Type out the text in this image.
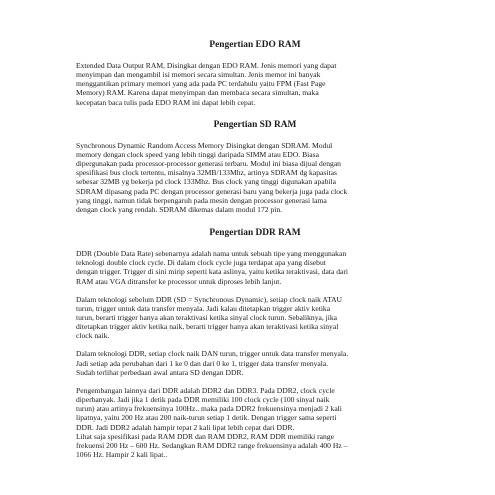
Pengertian EDO RAM

Extended Data Output RAM, Disingkat dengan EDO RAM. Jenis memori yang dapat
menyimpan dan mengambil isi memori secara simultan. Jenis memor ini banyak
menggantikan primary memori yang ada pada PC terdahulu yaitu FPM (Fast Page
Memory) RAM. Karena dapat menyimpan dan membaca secara simultan, maka
kecepatan baca tulis pada EDO RAM ini dapat lebih cepat.

Pengertian SD RAM

Synchronous Dynamic Random Access Memory Disingkat dengan SDRAM. Modul
memory dengan clock speed yang lebih tinggi daripada SIMM atau EDO. Biasa
dipergunakan pada processor-processor generasi terbaru. Modul ini biasa dijual dengan
spesifikasi bus clock tertentu, misalnya 32MB/133Mhz, artinya SDRAM dg kapasitas
sebesar 32MB yg bekerja pd clock 133Mhz. Bus clock yang tinggi digunakan apabila
SDRAM dipasang pada PC dengan processor generasi baru yang bekerja juga pada clock
yang tinggi, namun tidak berpengaruh pada mesin dengan processor generasi lama
dengan clock yang rendah. SDRAM dikemas dalam modul 172 pin.

Pengertian DDR RAM

DDR (Double Data Rate) sebenarnya adalah nama untuk sebuah tipe yang menggunakan
teknologi double clock cycle. Di dalam clock cycle juga terdapat apa yang disebut
dengan trigger. Trigger di sini mirip seperti kata aslinya, yaitu ketika teraktivasi, data dari
RAM atau VGA ditransfer ke processor untuk diproses lebih lanjut.

Dalam teknologi sebelum DDR (SD = Synchronous Dynamic), setiap clock naik ATAU
turun, trigger untuk data transfer menyala. Jadi kalau ditetapkan trigger aktiv ketika
turun, berarti trigger hanya akan teraktivasi ketika sinyal clock turun. Sebaliknya, jika
ditetapkan trigger aktiv ketika naik, berarti trigger hanya akan teraktivasi ketika sinyal
clock naik.

Dalam teknologi DDR, setiap clock naik DAN turun, trigger untuk data transfer menyala.
Jadi setiap ada perubahan dari 1 ke 0 dan dari 0 ke 1, trigger data transfer menyala.
Sudah terlihat perbedaan awal antara SD dengan DDR.

Pengembangan lainnya dari DDR adalah DDR2 dan DDR3. Pada DDR2, clock cycle
diperbanyak. Jadi jika 1 detik pada DDR memiliki 100 clock cycle (100 sinyal naik
turun) atau artinya frekuensinya 100Hz.. maka pada DDR2 frekuensinya menjadi 2 kali
lipatnya, yaitu 200 Hz atau 200 naik-turun setiap 1 detik. Dengan trigger sama seperti
DDR. Jadi DDR2 adalah hampir tepat 2 kali lipat lebih cepat dari DDR.
Lihat saja spesifikasi pada RAM DDR dan RAM DDR2, RAM DDR memiliki range
frekuensi 200 Hz – 600 Hz. Sedangkan RAM DDR2 range frekuensinya adalah 400 Hz –
1066 Hz. Hampir 2 kali lipat..
